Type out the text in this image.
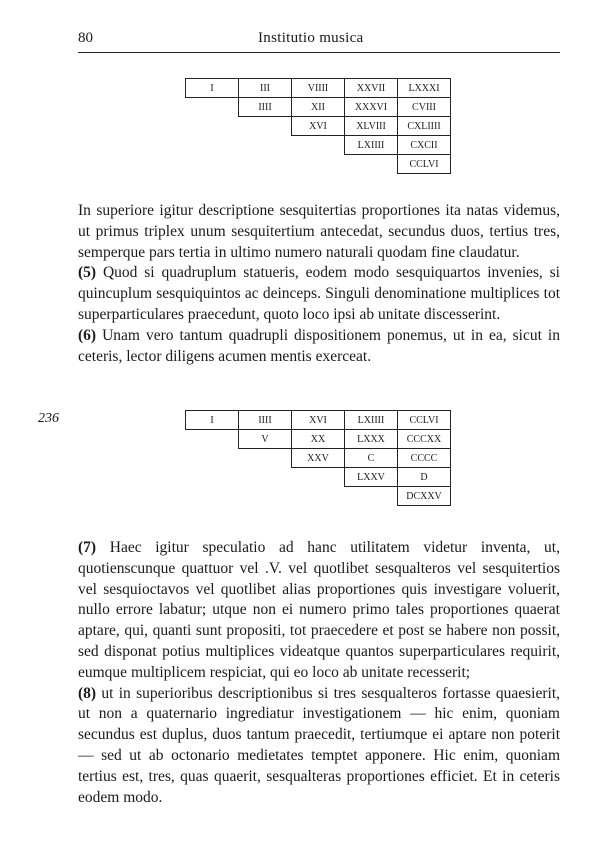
80	Institutio musica
I	III	VIIII	XXVII	LXXXI
	IIII	XII	XXXVI	CVIII
		XVI	XLVIII	CXLIIII
			LXIIII	CXCII
				CCLVI

In superiore igitur descriptione sesquitertias proportiones ita natas videmus, ut primus triplex unum sesquitertium antecedat, secundus duos, tertius tres, semperque pars tertia in ultimo numero naturali quodam fine claudatur.
(5) Quod si quadruplum statueris, eodem modo sesquiquartos invenies, si quincuplum sesquiquintos ac deinceps. Singuli denominatione multiplices tot superparticulares praecedunt, quoto loco ipsi ab unitate discesserint.
(6) Unam vero tantum quadrupli dispositionem ponemus, ut in ea, sicut in ceteris, lector diligens acumen mentis exerceat.

236	I	IIII	XVI	LXIIII	CCLVI
	V	XX	LXXX	CCCXX
		XXV	C	CCCC
			LXXV	D
				DCXXV

(7) Haec igitur speculatio ad hanc utilitatem videtur inventa, ut, quotienscunque quattuor vel .V. vel quotlibet sesqualteros vel sesquitertios vel sesquioctavos vel quotlibet alias proportiones quis investigare voluerit, nullo errore labatur; utque non ei numero primo tales proportiones quaerat aptare, qui, quanti sunt propositi, tot praecedere et post se habere non possit, sed disponat potius multiplices videatque quantos superparticulares requirit, eumque multiplicem respiciat, qui eo loco ab unitate recesserit;
(8) ut in superioribus descriptionibus si tres sesqualteros fortasse quaesierit, ut non a quaternario ingrediatur investigationem — hic enim, quoniam secundus est duplus, duos tantum praecedit, tertiumque ei aptare non poterit — sed ut ab octonario medietates temptet apponere. Hic enim, quoniam tertius est, tres, quas quaerit, sesqualteras proportiones efficiet. Et in ceteris eodem modo.
